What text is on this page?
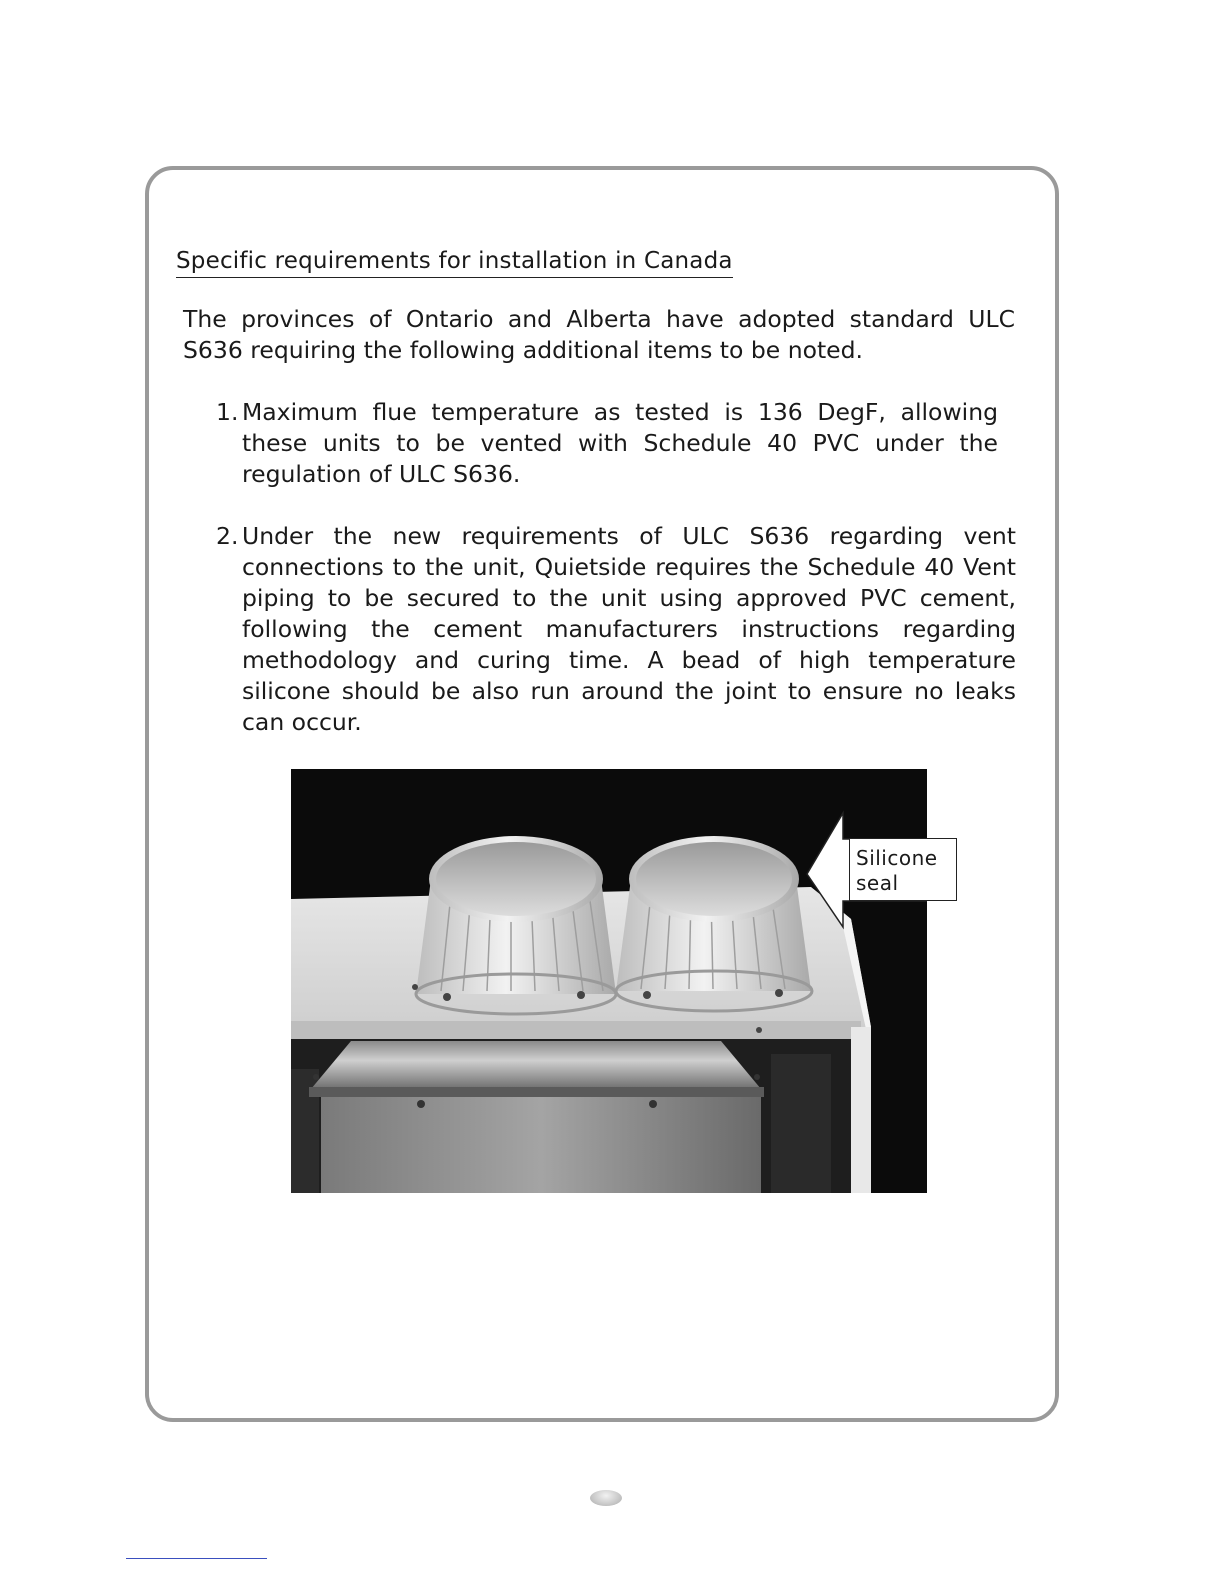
Specific requirements for installation in Canada
The provinces of Ontario and Alberta have adopted standard ULC S636 requiring the following additional items to be noted.
1. Maximum flue temperature as tested is 136 DegF, allowing these units to be vented with Schedule 40 PVC under the regulation of ULC S636.
2. Under the new requirements of ULC S636 regarding vent connections to the unit, Quietside requires the Schedule 40 Vent piping to be secured to the unit using approved PVC cement, following the cement manufacturers instructions regarding methodology and curing time. A bead of high temperature silicone should be also run around the joint to ensure no leaks can occur.
Silicone
seal
